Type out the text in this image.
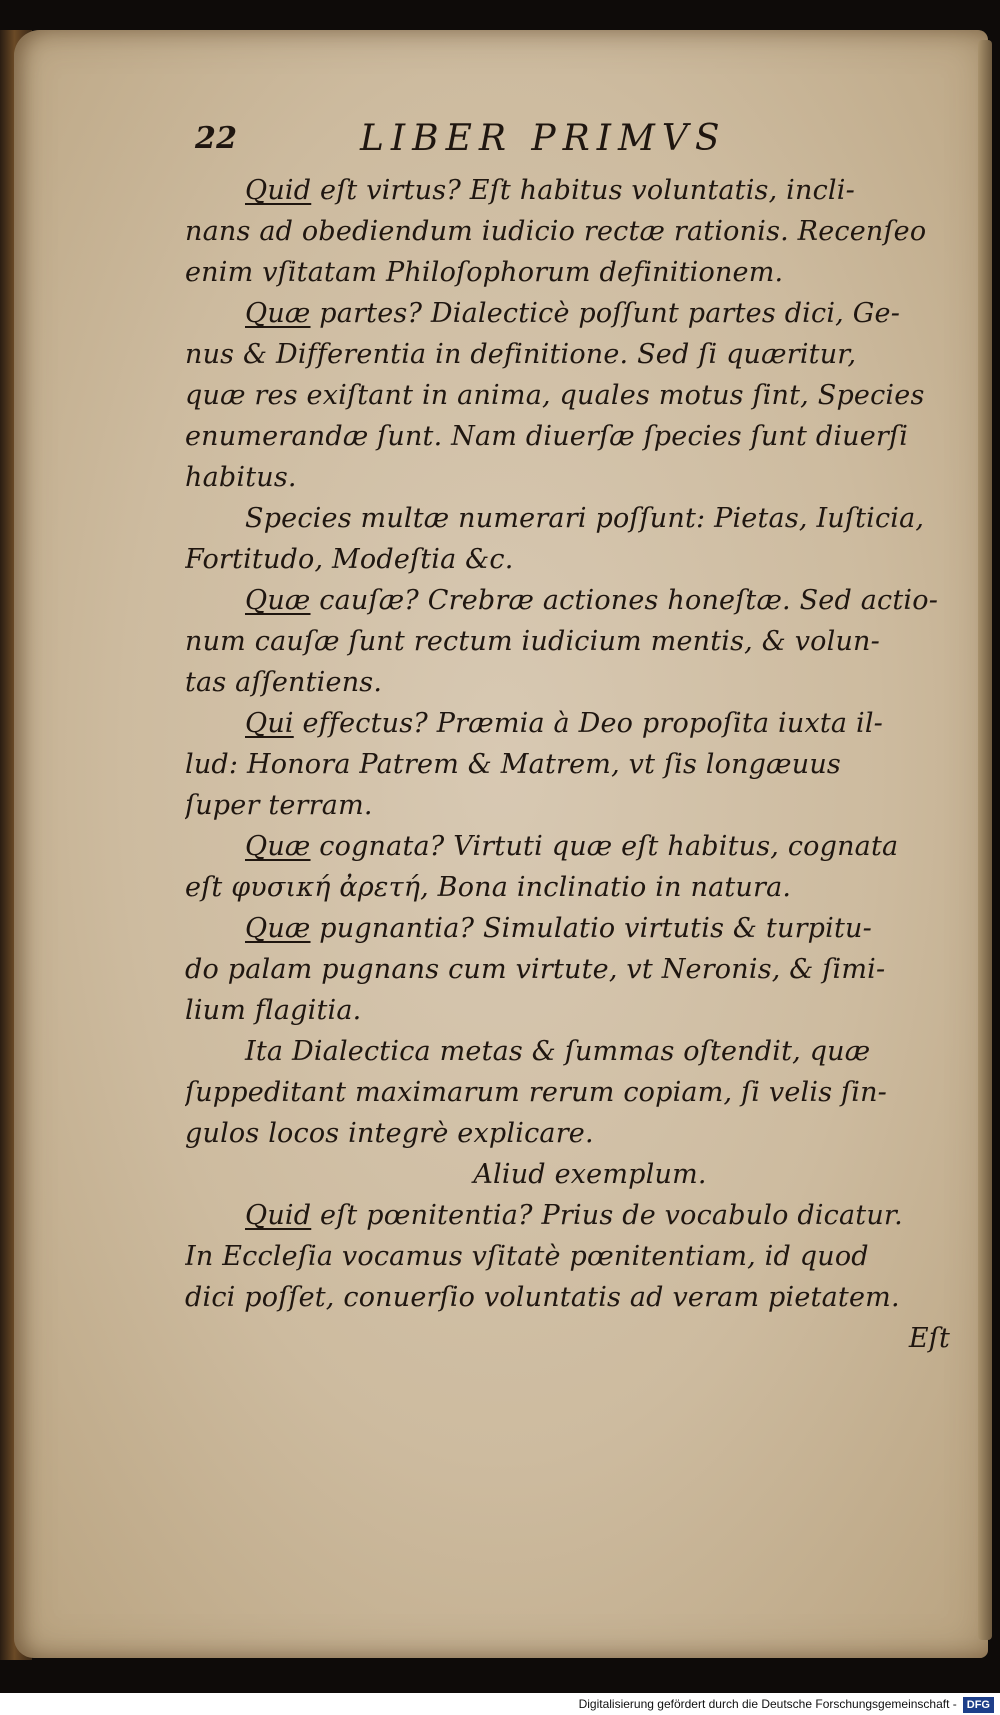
22	LIBER PRIMVS
Quid eſt virtus? Eſt habitus voluntatis, incli-
nans ad obediendum iudicio rectæ rationis. Recenſeo
enim vſitatam Philoſophorum definitionem.
Quæ partes? Dialecticè poſſunt partes dici, Ge-
nus & Differentia in definitione. Sed ſi quæritur,
quæ res exiſtant in anima, quales motus ſint, Species
enumerandæ ſunt. Nam diuerſæ ſpecies ſunt diuerſi
habitus.
Species multæ numerari poſſunt: Pietas, Iuſticia,
Fortitudo, Modeſtia &c.
Quæ cauſæ? Crebræ actiones honeſtæ. Sed actio-
num cauſæ ſunt rectum iudicium mentis, & volun-
tas aſſentiens.
Qui effectus? Præmia à Deo propoſita iuxta il-
lud: Honora Patrem & Matrem, vt ſis longæuus
ſuper terram.
Quæ cognata? Virtuti quæ eſt habitus, cognata
eſt φυσική ἀρετή, Bona inclinatio in natura.
Quæ pugnantia? Simulatio virtutis & turpitu-
do palam pugnans cum virtute, vt Neronis, & ſimi-
lium flagitia.
Ita Dialectica metas & ſummas oſtendit, quæ
ſuppeditant maximarum rerum copiam, ſi velis ſin-
gulos locos integrè explicare.
Aliud exemplum.
Quid eſt pœnitentia? Prius de vocabulo dicatur.
In Eccleſia vocamus vſitatè pœnitentiam, id quod
dici poſſet, conuerſio voluntatis ad veram pietatem.
Eſt
Digitalisierung gefördert durch die Deutsche Forschungsgemeinschaft - DFG
